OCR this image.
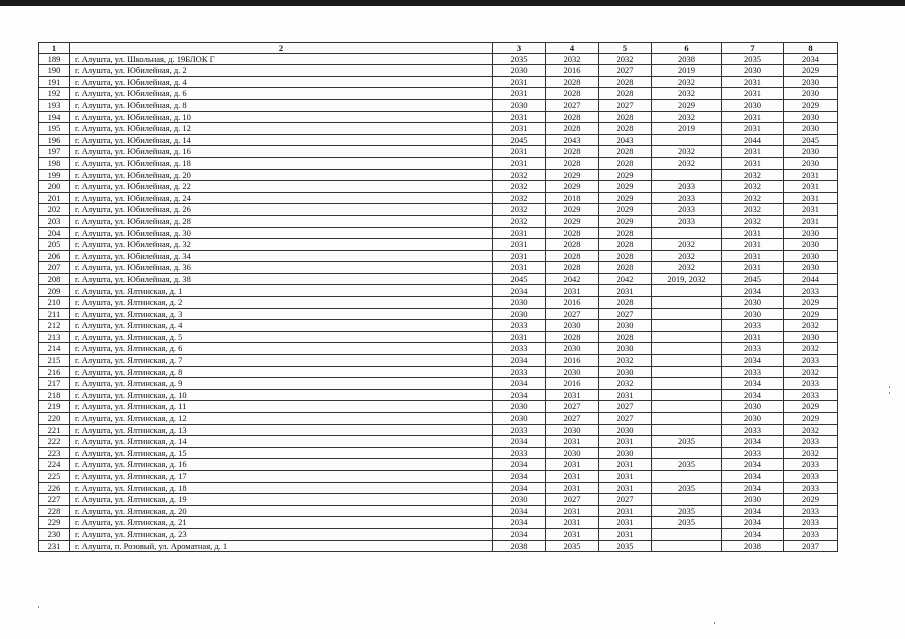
1	2	3	4	5	6	7	8
189	г. Алушта, ул. Школьная, д. 19БЛОК Г	2035	2032	2032	2038	2035	2034
190	г. Алушта, ул. Юбилейная, д. 2	2030	2016	2027	2019	2030	2029
191	г. Алушта, ул. Юбилейная, д. 4	2031	2028	2028	2032	2031	2030
192	г. Алушта, ул. Юбилейная, д. 6	2031	2028	2028	2032	2031	2030
193	г. Алушта, ул. Юбилейная, д. 8	2030	2027	2027	2029	2030	2029
194	г. Алушта, ул. Юбилейная, д. 10	2031	2028	2028	2032	2031	2030
195	г. Алушта, ул. Юбилейная, д. 12	2031	2028	2028	2019	2031	2030
196	г. Алушта, ул. Юбилейная, д. 14	2045	2043	2043		2044	2045
197	г. Алушта, ул. Юбилейная, д. 16	2031	2028	2028	2032	2031	2030
198	г. Алушта, ул. Юбилейная, д. 18	2031	2028	2028	2032	2031	2030
199	г. Алушта, ул. Юбилейная, д. 20	2032	2029	2029		2032	2031
200	г. Алушта, ул. Юбилейная, д. 22	2032	2029	2029	2033	2032	2031
201	г. Алушта, ул. Юбилейная, д. 24	2032	2018	2029	2033	2032	2031
202	г. Алушта, ул. Юбилейная, д. 26	2032	2029	2029	2033	2032	2031
203	г. Алушта, ул. Юбилейная, д. 28	2032	2029	2029	2033	2032	2031
204	г. Алушта, ул. Юбилейная, д. 30	2031	2028	2028		2031	2030
205	г. Алушта, ул. Юбилейная, д. 32	2031	2028	2028	2032	2031	2030
206	г. Алушта, ул. Юбилейная, д. 34	2031	2028	2028	2032	2031	2030
207	г. Алушта, ул. Юбилейная, д. 36	2031	2028	2028	2032	2031	2030
208	г. Алушта, ул. Юбилейная, д. 38	2045	2042	2042	2019, 2032	2045	2044
209	г. Алушта, ул. Ялтинская, д. 1	2034	2031	2031		2034	2033
210	г. Алушта, ул. Ялтинская, д. 2	2030	2016	2028		2030	2029
211	г. Алушта, ул. Ялтинская, д. 3	2030	2027	2027		2030	2029
212	г. Алушта, ул. Ялтинская, д. 4	2033	2030	2030		2033	2032
213	г. Алушта, ул. Ялтинская, д. 5	2031	2028	2028		2031	2030
214	г. Алушта, ул. Ялтинская, д. 6	2033	2030	2030		2033	2032
215	г. Алушта, ул. Ялтинская, д. 7	2034	2016	2032		2034	2033
216	г. Алушта, ул. Ялтинская, д. 8	2033	2030	2030		2033	2032
217	г. Алушта, ул. Ялтинская, д. 9	2034	2016	2032		2034	2033
218	г. Алушта, ул. Ялтинская, д. 10	2034	2031	2031		2034	2033
219	г. Алушта, ул. Ялтинская, д. 11	2030	2027	2027		2030	2029
220	г. Алушта, ул. Ялтинская, д. 12	2030	2027	2027		2030	2029
221	г. Алушта, ул. Ялтинская, д. 13	2033	2030	2030		2033	2032
222	г. Алушта, ул. Ялтинская, д. 14	2034	2031	2031	2035	2034	2033
223	г. Алушта, ул. Ялтинская, д. 15	2033	2030	2030		2033	2032
224	г. Алушта, ул. Ялтинская, д. 16	2034	2031	2031	2035	2034	2033
225	г. Алушта, ул. Ялтинская, д. 17	2034	2031	2031		2034	2033
226	г. Алушта, ул. Ялтинская, д. 18	2034	2031	2031	2035	2034	2033
227	г. Алушта, ул. Ялтинская, д. 19	2030	2027	2027		2030	2029
228	г. Алушта, ул. Ялтинская, д. 20	2034	2031	2031	2035	2034	2033
229	г. Алушта, ул. Ялтинская, д. 21	2034	2031	2031	2035	2034	2033
230	г. Алушта, ул. Ялтинская, д. 23	2034	2031	2031		2034	2033
231	г. Алушта, п. Розовый, ул. Ароматная, д. 1	2038	2035	2035		2038	2037
